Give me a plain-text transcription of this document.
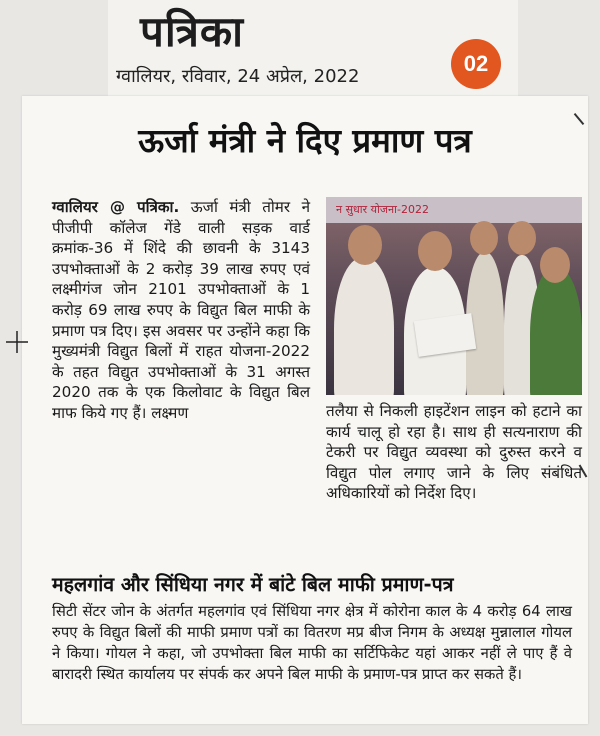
पत्रिका
ग्वालियर, रविवार, 24 अप्रेल, 2022
02
ऊर्जा मंत्री ने दिए प्रमाण पत्र
ग्वालियर @ पत्रिका. ऊर्जा मंत्री तोमर ने पीजीपी कॉलेज गेंडे वाली सड़क वार्ड क्रमांक-36 में शिंदे की छावनी के 3143 उपभोक्ताओं के 2 करोड़ 39 लाख रुपए एवं लक्ष्मीगंज जोन 2101 उपभोक्ताओं के 1 करोड़ 69 लाख रुपए के विद्युत बिल माफी के प्रमाण पत्र दिए। इस अवसर पर उन्होंने कहा कि मुख्यमंत्री विद्युत बिलों में राहत योजना-2022 के तहत विद्युत उपभोक्ताओं के 31 अगस्त 2020 तक के एक किलोवाट के विद्युत बिल माफ किये गए हैं। लक्ष्मण
न सुधार योजना-2022
तलैया से निकली हाइटेंशन लाइन को हटाने का कार्य चालू हो रहा है। साथ ही सत्यनाराण की टेकरी पर विद्युत व्यवस्था को दुरुस्त करने व विद्युत पोल लगाए जाने के लिए संबंधित अधिकारियों को निर्देश दिए।
महलगांव और सिंधिया नगर में बांटे बिल माफी प्रमाण-पत्र
सिटी सेंटर जोन के अंतर्गत महलगांव एवं सिंधिया नगर क्षेत्र में कोरोना काल के 4 करोड़ 64 लाख रुपए के विद्युत बिलों की माफी प्रमाण पत्रों का वितरण मप्र बीज निगम के अध्यक्ष मुन्नालाल गोयल ने किया। गोयल ने कहा, जो उपभोक्ता बिल माफी का सर्टिफिकेट यहां आकर नहीं ले पाए हैं वे बारादरी स्थित कार्यालय पर संपर्क कर अपने बिल माफी के प्रमाण-पत्र प्राप्त कर सकते हैं।
